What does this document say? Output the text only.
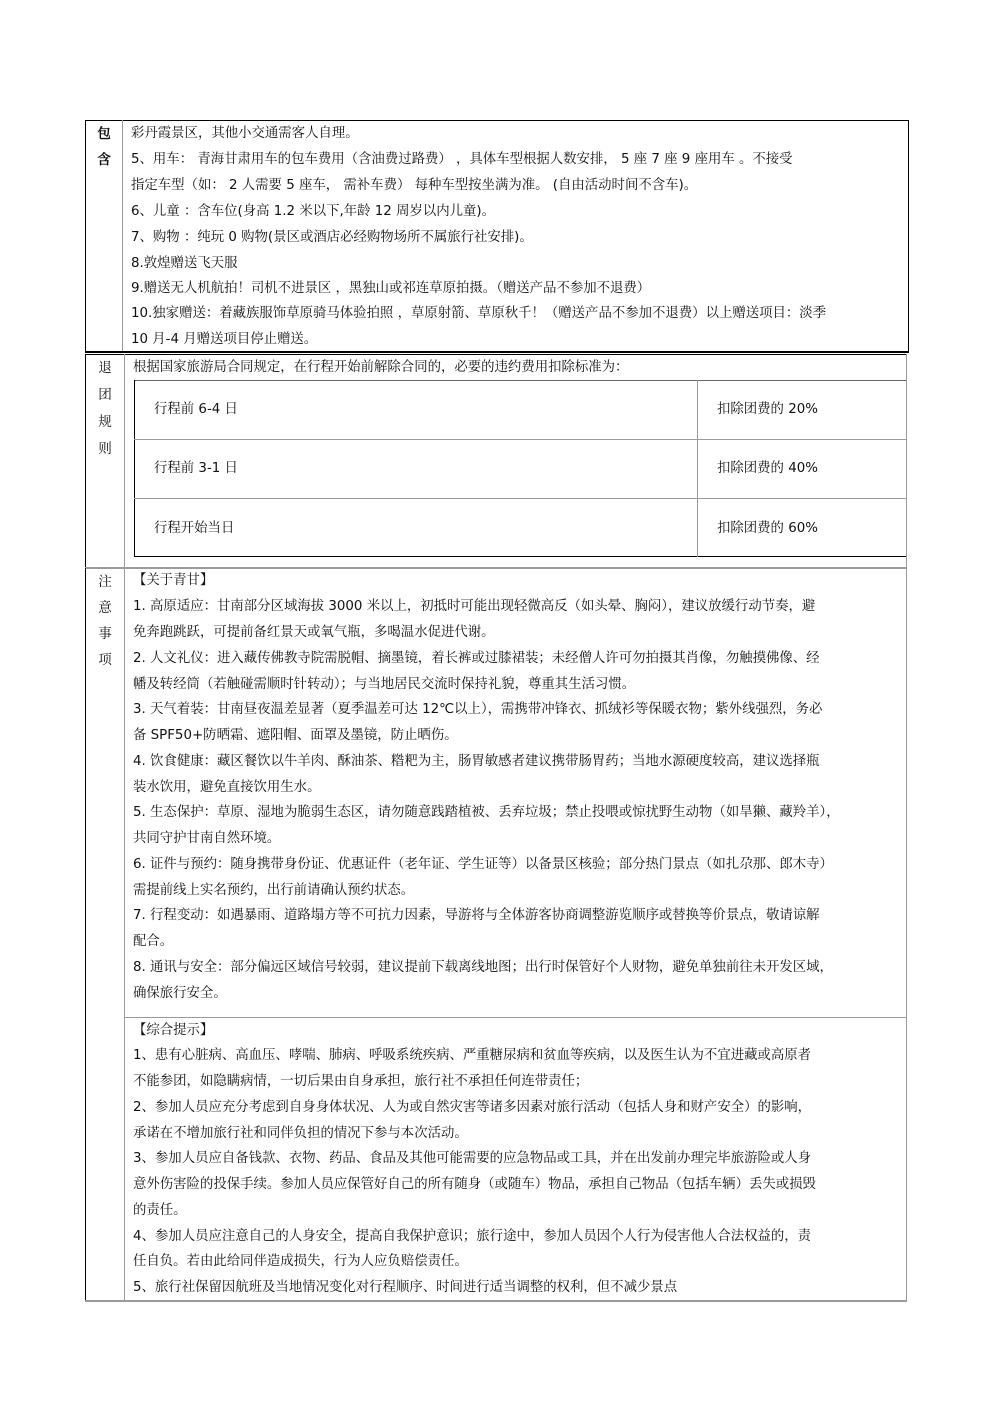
包
含
彩丹霞景区，其他小交通需客人自理。
5、用车： 青海甘肃用车的包车费用（含油费过路费） ，具体车型根据人数安排， 5 座 7 座 9 座用车 。不接受
指定车型（如： 2 人需要 5 座车， 需补车费） 每种车型按坐满为准。 (自由活动时间不含车)。
6、儿童 ：含车位(身高 1.2 米以下,年龄 12 周岁以内儿童)。
7、购物 ：纯玩 0 购物(景区或酒店必经购物场所不属旅行社安排)。
8.敦煌赠送飞天服
9.赠送无人机航拍！司机不进景区 ，黑独山或祁连草原拍摄。（赠送产品不参加不退费）
10.独家赠送：着藏族服饰草原骑马体验拍照 ，草原射箭、草原秋千！（赠送产品不参加不退费）以上赠送项目：淡季
10 月-4 月赠送项目停止赠送。
退
团
规
则
根据国家旅游局合同规定，在行程开始前解除合同的，必要的违约费用扣除标准为：
行程前 6-4 日	扣除团费的 20%
行程前 3-1 日	扣除团费的 40%
行程开始当日	扣除团费的 60%
注
意
事
项
【关于青甘】
1. 高原适应：甘南部分区域海拔 3000 米以上，初抵时可能出现轻微高反（如头晕、胸闷），建议放缓行动节奏，避
免奔跑跳跃，可提前备红景天或氧气瓶，多喝温水促进代谢。
2. 人文礼仪：进入藏传佛教寺院需脱帽、摘墨镜，着长裤或过膝裙装；未经僧人许可勿拍摄其肖像，勿触摸佛像、经
幡及转经筒（若触碰需顺时针转动）；与当地居民交流时保持礼貌，尊重其生活习惯。
3. 天气着装：甘南昼夜温差显著（夏季温差可达 12℃以上），需携带冲锋衣、抓绒衫等保暖衣物；紫外线强烈，务必
备 SPF50+防晒霜、遮阳帽、面罩及墨镜，防止晒伤。
4. 饮食健康：藏区餐饮以牛羊肉、酥油茶、糌粑为主，肠胃敏感者建议携带肠胃药；当地水源硬度较高，建议选择瓶
装水饮用，避免直接饮用生水。
5. 生态保护：草原、湿地为脆弱生态区，请勿随意践踏植被、丢弃垃圾；禁止投喂或惊扰野生动物（如旱獭、藏羚羊），
共同守护甘南自然环境。
6. 证件与预约：随身携带身份证、优惠证件（老年证、学生证等）以备景区核验；部分热门景点（如扎尕那、郎木寺）
需提前线上实名预约，出行前请确认预约状态。
7. 行程变动：如遇暴雨、道路塌方等不可抗力因素，导游将与全体游客协商调整游览顺序或替换等价景点，敬请谅解
配合。
8. 通讯与安全：部分偏远区域信号较弱，建议提前下载离线地图；出行时保管好个人财物，避免单独前往未开发区域，
确保旅行安全。
【综合提示】
1、患有心脏病、高血压、哮喘、肺病、呼吸系统疾病、严重糖尿病和贫血等疾病，以及医生认为不宜进藏或高原者
不能参团，如隐瞒病情，一切后果由自身承担，旅行社不承担任何连带责任；
2、参加人员应充分考虑到自身身体状况、人为或自然灾害等诸多因素对旅行活动（包括人身和财产安全）的影响，
承诺在不增加旅行社和同伴负担的情况下参与本次活动。
3、参加人员应自备钱款、衣物、药品、食品及其他可能需要的应急物品或工具，并在出发前办理完毕旅游险或人身
意外伤害险的投保手续。参加人员应保管好自己的所有随身（或随车）物品，承担自己物品（包括车辆）丢失或损毁
的责任。
4、参加人员应注意自己的人身安全，提高自我保护意识；旅行途中，参加人员因个人行为侵害他人合法权益的，责
任自负。若由此给同伴造成损失，行为人应负赔偿责任。
5、旅行社保留因航班及当地情况变化对行程顺序、时间进行适当调整的权利，但不减少景点
